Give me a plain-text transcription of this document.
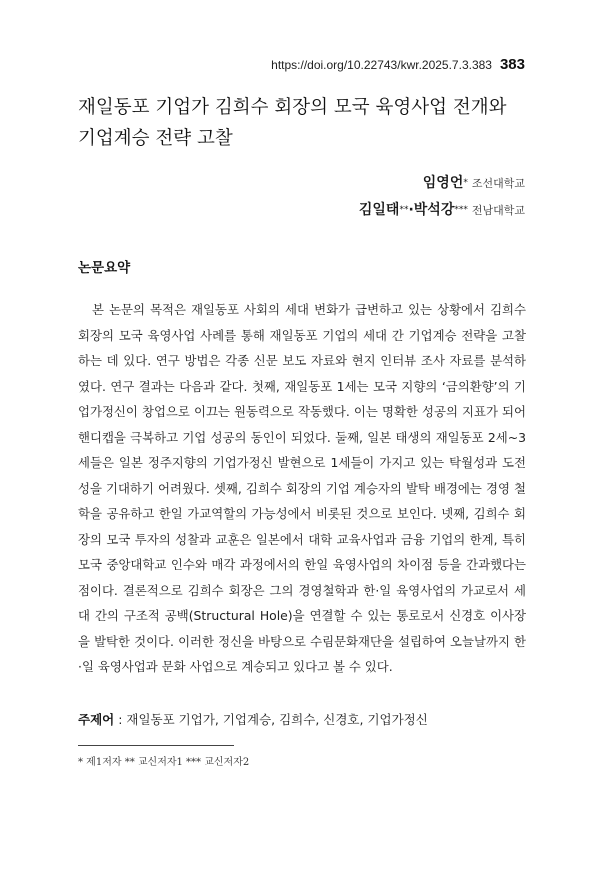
https://doi.org/10.22743/kwr.2025.7.3.383 383
재일동포 기업가 김희수 회장의 모국 육영사업 전개와 기업계승 전략 고찰
임영언* 조선대학교
김일태**·박석강*** 전남대학교
논문요약

본 논문의 목적은 재일동포 사회의 세대 변화가 급변하고 있는 상황에서 김희수 회장의 모국 육영사업 사례를 통해 재일동포 기업의 세대 간 기업계승 전략을 고찰하는 데 있다. 연구 방법은 각종 신문 보도 자료와 현지 인터뷰 조사 자료를 분석하였다. 연구 결과는 다음과 같다. 첫째, 재일동포 1세는 모국 지향의 ‘금의환향’의 기업가정신이 창업으로 이끄는 원동력으로 작동했다. 이는 명확한 성공의 지표가 되어 핸디캡을 극복하고 기업 성공의 동인이 되었다. 둘째, 일본 태생의 재일동포 2세~3세들은 일본 정주지향의 기업가정신 발현으로 1세들이 가지고 있는 탁월성과 도전성을 기대하기 어려웠다. 셋째, 김희수 회장의 기업 계승자의 발탁 배경에는 경영 철학을 공유하고 한일 가교역할의 가능성에서 비롯된 것으로 보인다. 넷째, 김희수 회장의 모국 투자의 성찰과 교훈은 일본에서 대학 교육사업과 금융 기업의 한계, 특히 모국 중앙대학교 인수와 매각 과정에서의 한일 육영사업의 차이점 등을 간과했다는 점이다. 결론적으로 김희수 회장은 그의 경영철학과 한·일 육영사업의 가교로서 세대 간의 구조적 공백(Structural Hole)을 연결할 수 있는 통로로서 신경호 이사장을 발탁한 것이다. 이러한 정신을 바탕으로 수림문화재단을 설립하여 오늘날까지 한·일 육영사업과 문화 사업으로 계승되고 있다고 볼 수 있다.

주제어 : 재일동포 기업가, 기업계승, 김희수, 신경호, 기업가정신
* 제1저자 ** 교신저자1 *** 교신저자2
